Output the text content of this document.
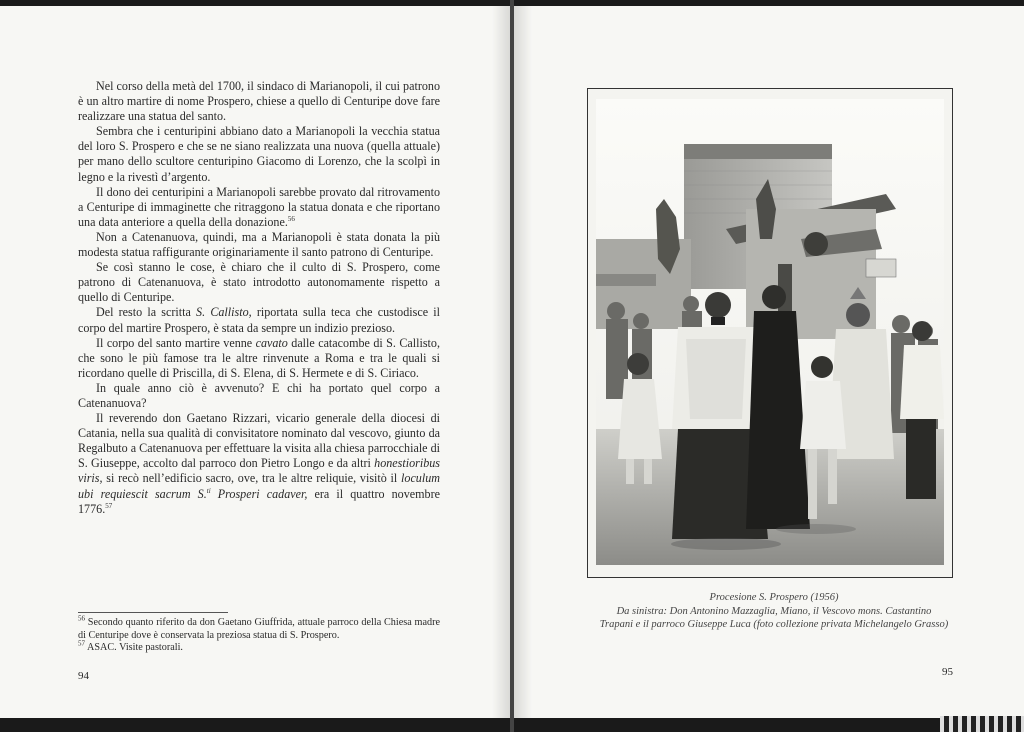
Nel corso della metà del 1700, il sindaco di Marianopoli, il cui patrono è un altro martire di nome Prospero, chiese a quello di Centuripe dove fare realizzare una statua del santo.

Sembra che i centuripini abbiano dato a Marianopoli la vecchia statua del loro S. Prospero e che se ne siano realizzata una nuova (quella attuale) per mano dello scultore centuripino Giacomo di Lorenzo, che la scolpì in legno e la rivestì d’argento.

Il dono dei centuripini a Marianopoli sarebbe provato dal ritrovamento a Centuripe di immaginette che ritraggono la statua donata e che riportano una data anteriore a quella della donazione.$^{56}$

Non a Catenanuova, quindi, ma a Marianopoli è stata donata la più modesta statua raffigurante originariamente il santo patrono di Centuripe.

Se così stanno le cose, è chiaro che il culto di S. Prospero, come patrono di Catenanuova, è stato introdotto autonomamente rispetto a quello di Centuripe.

Del resto la scritta S. Callisto, riportata sulla teca che custodisce il corpo del martire Prospero, è stata da sempre un indizio prezioso.

Il corpo del santo martire venne cavato dalle catacombe di S. Callisto, che sono le più famose tra le altre rinvenute a Roma e tra le quali si ricordano quelle di Priscilla, di S. Elena, di S. Hermete e di S. Ciriaco.

In quale anno ciò è avvenuto? E chi ha portato quel corpo a Catenanuova?

Il reverendo don Gaetano Rizzari, vicario generale della diocesi di Catania, nella sua qualità di convisitatore nominato dal vescovo, giunto da Regalbuto a Catenanuova per effettuare la visita alla chiesa parrocchiale di S. Giuseppe, accolto dal parroco don Pietro Longo e da altri honestioribus viris, si recò nell’edificio sacro, ove, tra le altre reliquie, visitò il loculum ubi requiescit sacrum S.$^{ti}$ Prosperi cadaver, era il quattro novembre 1776.57

$^{56}$ Secondo quanto riferito da don Gaetano Giuffrida, attuale parroco della Chiesa madre di Centuripe dove è conservata la preziosa statua di S. Prospero.

$^{57}$ ASAC. Visite pastorali.

94

Procesione S. Prospero (1956)

Da sinistra: Don Antonino Mazzaglia, Miano, il Vescovo mons. Castantino

Trapani e il parroco Giuseppe Luca (foto collezione privata Michelangelo Grasso)

95
